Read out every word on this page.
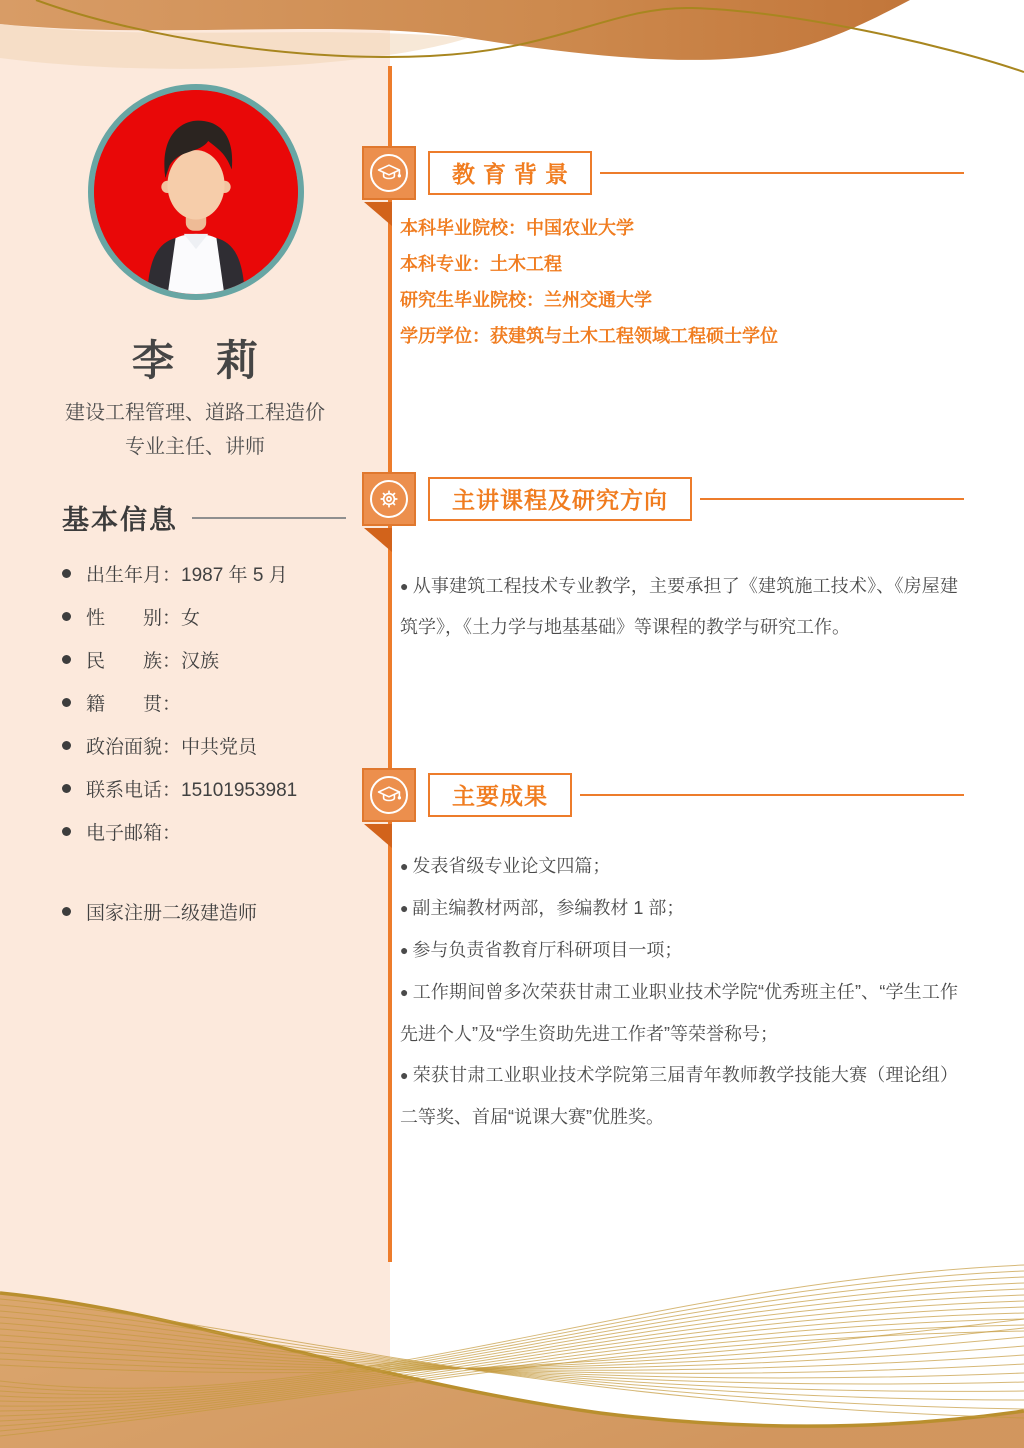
李　莉
建设工程管理、道路工程造价
专业主任、讲师
基本信息
出生年月：1987 年 5 月
性　　别：女
民　　族：汉族
籍　　贯：
政治面貌：中共党员
联系电话：15101953981
电子邮箱：
国家注册二级建造师
教育背景
本科毕业院校：中国农业大学
本科专业：土木工程
研究生毕业院校：兰州交通大学
学历学位：获建筑与土木工程领域工程硕士学位
主讲课程及研究方向
● 从事建筑工程技术专业教学，主要承担了《建筑施工技术》、《房屋建筑学》，《土力学与地基基础》等课程的教学与研究工作。
主要成果
● 发表省级专业论文四篇；
● 副主编教材两部，参编教材 1 部；
● 参与负责省教育厅科研项目一项；
● 工作期间曾多次荣获甘肃工业职业技术学院“优秀班主任”、“学生工作先进个人”及“学生资助先进工作者”等荣誉称号；
● 荣获甘肃工业职业技术学院第三届青年教师教学技能大赛（理论组）二等奖、首届“说课大赛”优胜奖。
